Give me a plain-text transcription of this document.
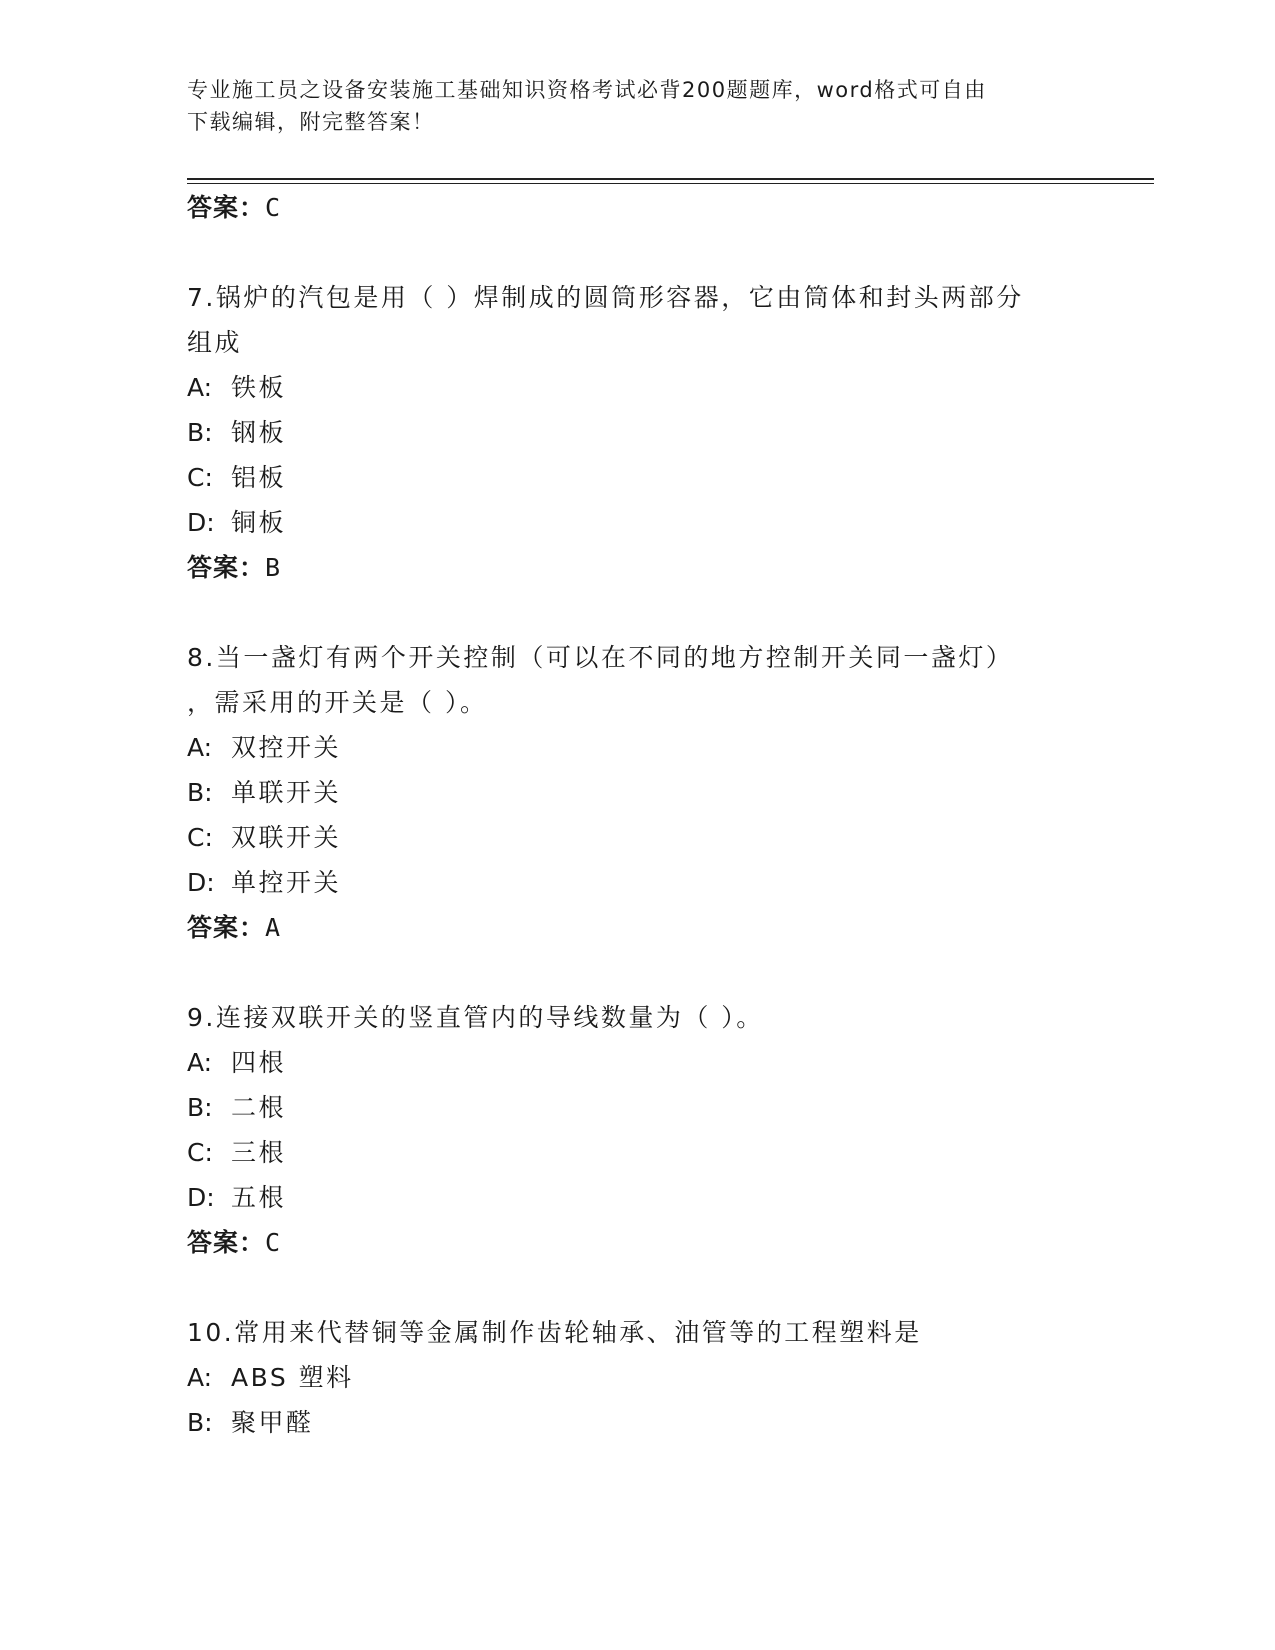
专业施工员之设备安装施工基础知识资格考试必背200题题库，word格式可自由
下载编辑，附完整答案！
答案：C
7.锅炉的汽包是用（ ）焊制成的圆筒形容器，它由筒体和封头两部分
组成
A: 铁板
B: 钢板
C: 铝板
D: 铜板
答案：B
8.当一盏灯有两个开关控制（可以在不同的地方控制开关同一盏灯）
，需采用的开关是（ ）。
A: 双控开关
B: 单联开关
C: 双联开关
D: 单控开关
答案：A
9.连接双联开关的竖直管内的导线数量为（ ）。
A: 四根
B: 二根
C: 三根
D: 五根
答案：C
10.常用来代替铜等金属制作齿轮轴承、油管等的工程塑料是
A: ABS 塑料
B: 聚甲醛
